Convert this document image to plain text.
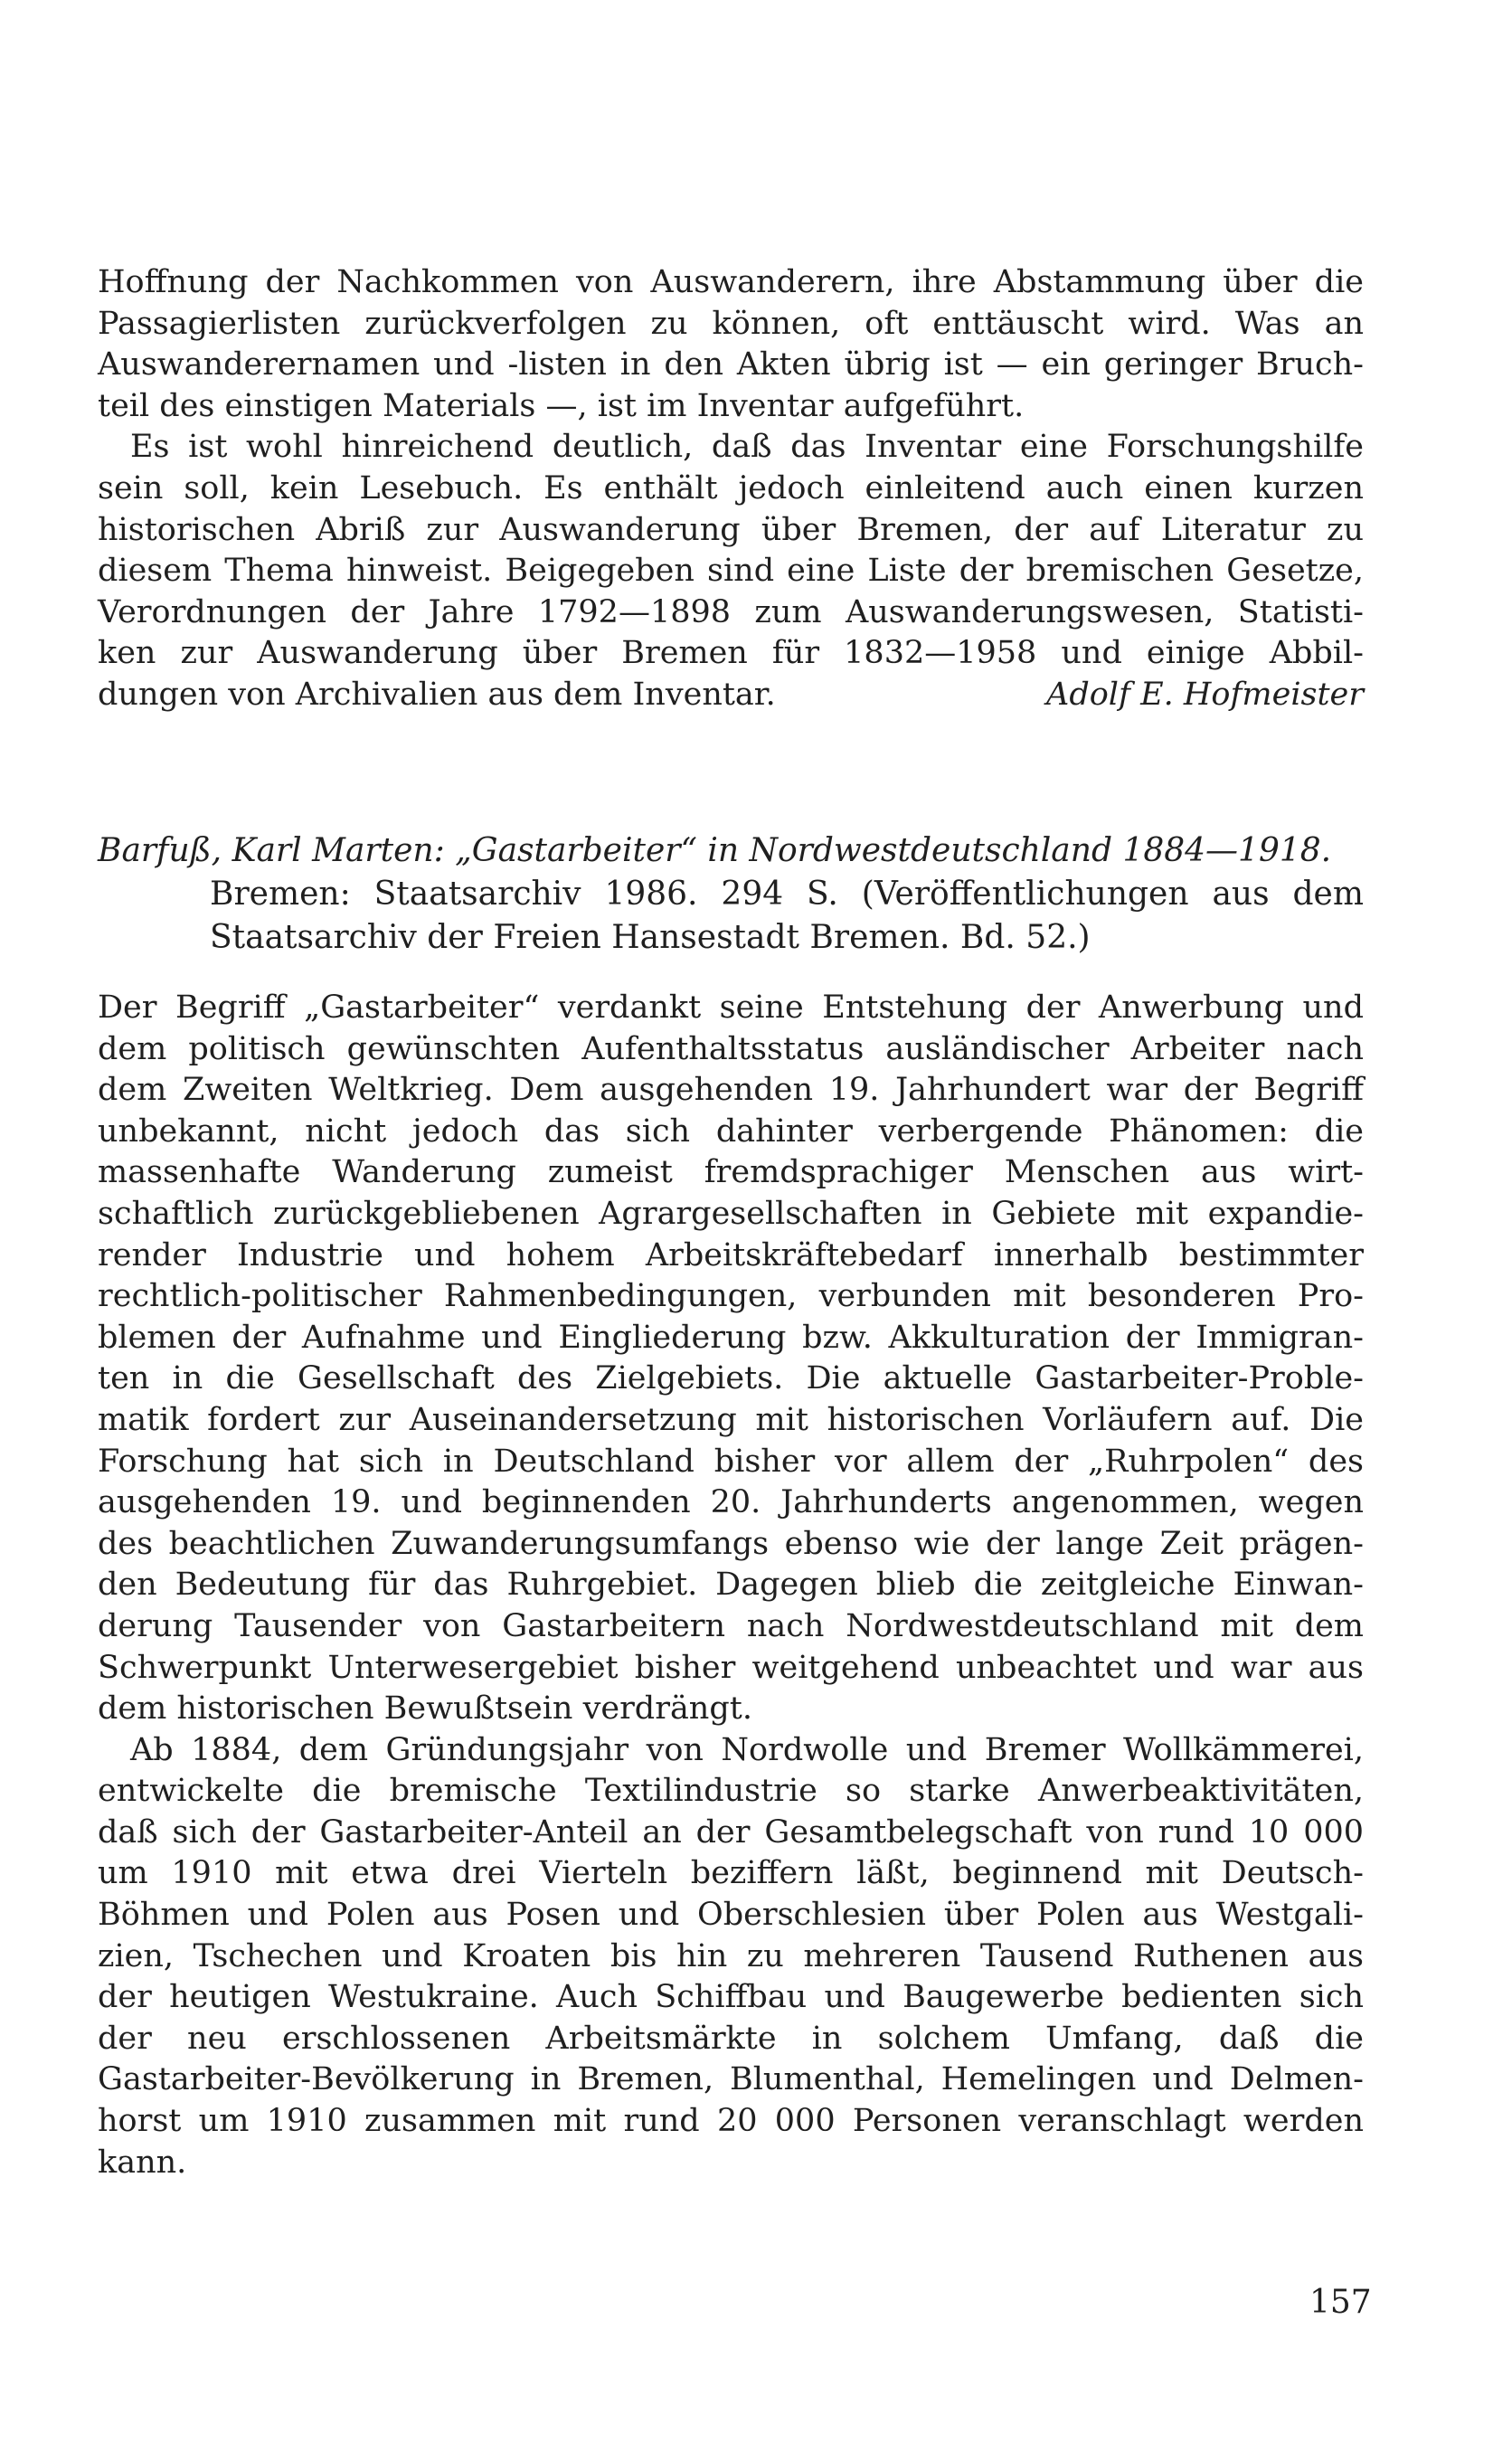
Hoffnung der Nachkommen von Auswanderern, ihre Abstammung über die
Passagierlisten zurückverfolgen zu können, oft enttäuscht wird. Was an
Auswanderernamen und -listen in den Akten übrig ist — ein geringer Bruch-
teil des einstigen Materials —, ist im Inventar aufgeführt.
Es ist wohl hinreichend deutlich, daß das Inventar eine Forschungshilfe
sein soll, kein Lesebuch. Es enthält jedoch einleitend auch einen kurzen
historischen Abriß zur Auswanderung über Bremen, der auf Literatur zu
diesem Thema hinweist. Beigegeben sind eine Liste der bremischen Gesetze,
Verordnungen der Jahre 1792—1898 zum Auswanderungswesen, Statisti-
ken zur Auswanderung über Bremen für 1832—1958 und einige Abbil-
dungen von Archivalien aus dem Inventar.	Adolf E. Hofmeister
Barfuß, Karl Marten: „Gastarbeiter“ in Nordwestdeutschland 1884—1918.
Bremen: Staatsarchiv 1986. 294 S. (Veröffentlichungen aus dem
Staatsarchiv der Freien Hansestadt Bremen. Bd. 52.)
Der Begriff „Gastarbeiter“ verdankt seine Entstehung der Anwerbung und
dem politisch gewünschten Aufenthaltsstatus ausländischer Arbeiter nach
dem Zweiten Weltkrieg. Dem ausgehenden 19. Jahrhundert war der Begriff
unbekannt, nicht jedoch das sich dahinter verbergende Phänomen: die
massenhafte Wanderung zumeist fremdsprachiger Menschen aus wirt-
schaftlich zurückgebliebenen Agrargesellschaften in Gebiete mit expandie-
render Industrie und hohem Arbeitskräftebedarf innerhalb bestimmter
rechtlich-politischer Rahmenbedingungen, verbunden mit besonderen Pro-
blemen der Aufnahme und Eingliederung bzw. Akkulturation der Immigran-
ten in die Gesellschaft des Zielgebiets. Die aktuelle Gastarbeiter-Proble-
matik fordert zur Auseinandersetzung mit historischen Vorläufern auf. Die
Forschung hat sich in Deutschland bisher vor allem der „Ruhrpolen“ des
ausgehenden 19. und beginnenden 20. Jahrhunderts angenommen, wegen
des beachtlichen Zuwanderungsumfangs ebenso wie der lange Zeit prägen-
den Bedeutung für das Ruhrgebiet. Dagegen blieb die zeitgleiche Einwan-
derung Tausender von Gastarbeitern nach Nordwestdeutschland mit dem
Schwerpunkt Unterwesergebiet bisher weitgehend unbeachtet und war aus
dem historischen Bewußtsein verdrängt.
Ab 1884, dem Gründungsjahr von Nordwolle und Bremer Wollkämmerei,
entwickelte die bremische Textilindustrie so starke Anwerbeaktivitäten,
daß sich der Gastarbeiter-Anteil an der Gesamtbelegschaft von rund 10 000
um 1910 mit etwa drei Vierteln beziffern läßt, beginnend mit Deutsch-
Böhmen und Polen aus Posen und Oberschlesien über Polen aus Westgali-
zien, Tschechen und Kroaten bis hin zu mehreren Tausend Ruthenen aus
der heutigen Westukraine. Auch Schiffbau und Baugewerbe bedienten sich
der neu erschlossenen Arbeitsmärkte in solchem Umfang, daß die
Gastarbeiter-Bevölkerung in Bremen, Blumenthal, Hemelingen und Delmen-
horst um 1910 zusammen mit rund 20 000 Personen veranschlagt werden
kann.
157
